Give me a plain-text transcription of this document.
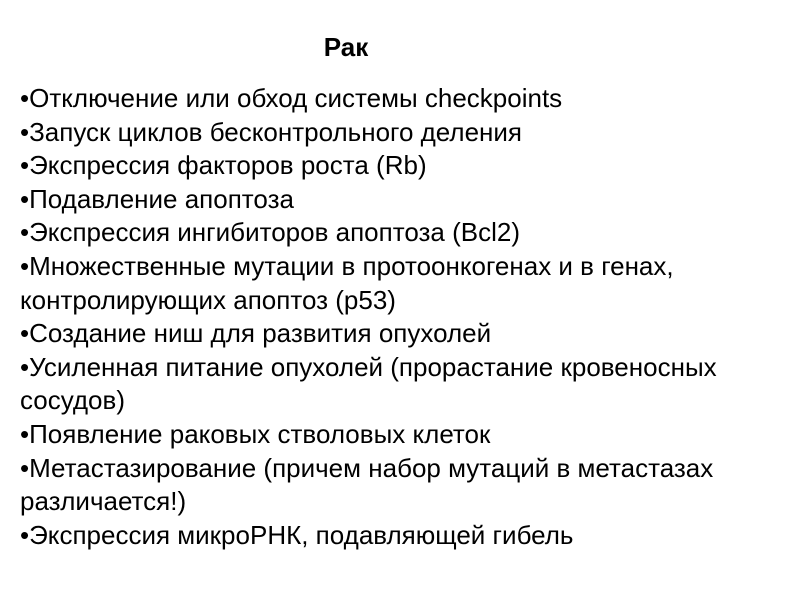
Рак
•Отключение или обход системы checkpoints
•Запуск циклов бесконтрольного деления
•Экспрессия факторов роста (Rb)
•Подавление апоптоза
•Экспрессия ингибиторов апоптоза (Bcl2)
•Множественные мутации в протоонкогенах и в генах, контролирующих апоптоз (p53)
•Создание ниш для развития опухолей
•Усиленная питание опухолей (прорастание кровеносных сосудов)
•Появление раковых стволовых клеток
•Метастазирование (причем набор мутаций в метастазах различается!)
•Экспрессия микроРНК, подавляющей гибель
